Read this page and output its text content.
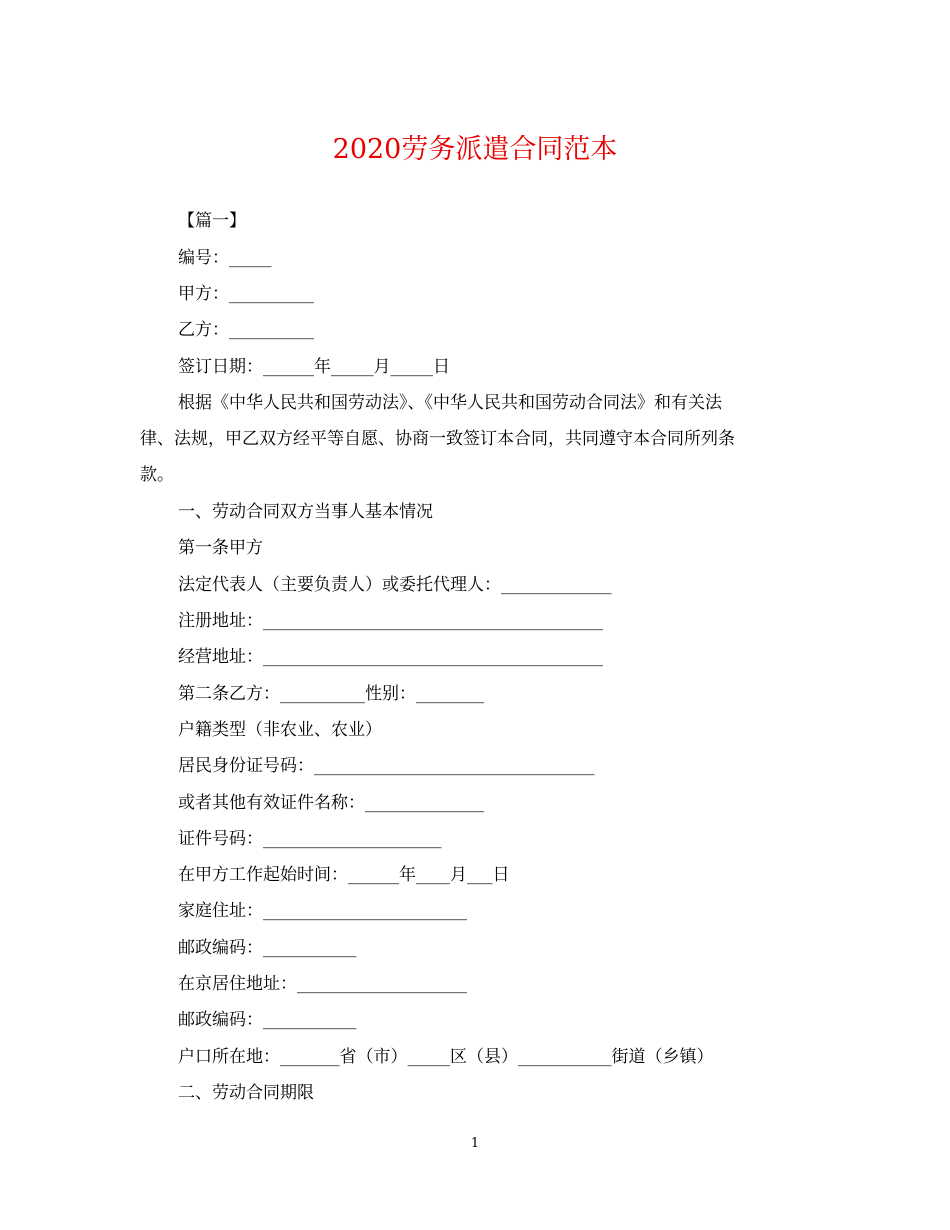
2020劳务派遣合同范本
【篇一】
编号：_____
甲方：__________
乙方：__________
签订日期：______年_____月_____日
根据《中华人民共和国劳动法》、《中华人民共和国劳动合同法》和有关法
律、法规，甲乙双方经平等自愿、协商一致签订本合同，共同遵守本合同所列条
款。
一、劳动合同双方当事人基本情况
第一条甲方
法定代表人（主要负责人）或委托代理人：_____________
注册地址：________________________________________
经营地址：________________________________________
第二条乙方：__________性别：________
户籍类型（非农业、农业）
居民身份证号码：_________________________________
或者其他有效证件名称：______________
证件号码：_____________________
在甲方工作起始时间：______年____月___日
家庭住址：________________________
邮政编码：___________
在京居住地址：____________________
邮政编码：___________
户口所在地：_______省（市）_____区（县）___________街道（乡镇）
二、劳动合同期限
1
